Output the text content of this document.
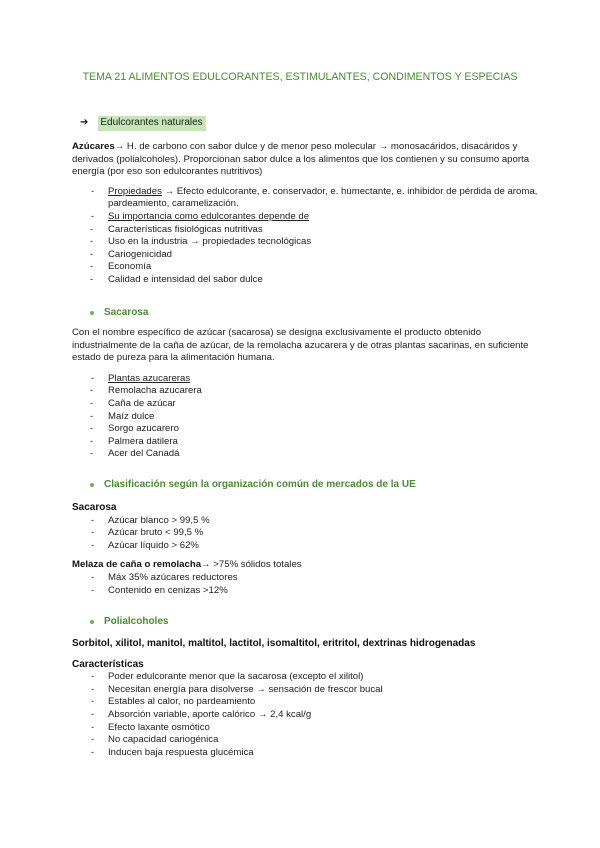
TEMA 21 ALIMENTOS EDULCORANTES, ESTIMULANTES, CONDIMENTOS Y ESPECIAS
➔ Edulcorantes naturales

Azúcares→ H. de carbono con sabor dulce y de menor peso molecular → monosacáridos, disacáridos y derivados (polialcoholes). Proporcionan sabor dulce a los alimentos que los contienen y su consumo aporta energía (por eso son edulcorantes nutritivos)

- Propiedades → Efecto edulcorante, e. conservador, e. humectante, e. inhibidor de pérdida de aroma, pardeamiento, caramelización.
- Su importancia como edulcorantes depende de
- Características fisiológicas nutritivas
- Uso en la industria → propiedades tecnológicas
- Cariogenicidad
- Economía
- Calidad e intensidad del sabor dulce
Sacarosa

Con el nombre específico de azúcar (sacarosa) se designa exclusivamente el producto obtenido industrialmente de la caña de azúcar, de la remolacha azucarera y de otras plantas sacarinas, en suficiente estado de pureza para la alimentación humana.

- Plantas azucareras
- Remolacha azucarera
- Caña de azúcar
- Maíz dulce
- Sorgo azucarero
- Palmera datilera
- Acer del Canadá
Clasificación según la organización común de mercados de la UE
Sacarosa
- Azúcar blanco > 99,5 %
- Azúcar bruto < 99,5 %
- Azúcar líquido > 62%

Melaza de caña o remolacha→ >75% sólidos totales

- Máx 35% azúcares reductores
- Contenido en cenizas >12%
Polialcoholes
Sorbitol, xilitol, manitol, maltitol, lactitol, isomaltitol, eritritol, dextrinas hidrogenadas
Características
- Poder edulcorante menor que la sacarosa (excepto el xilitol)
- Necesitan energía para disolverse → sensación de frescor bucal
- Estables al calor, no pardeamiento
- Absorción variable, aporte calórico → 2,4 kcal/g
- Efecto laxante osmótico
- No capacidad cariogénica
- Inducen baja respuesta glucémica
